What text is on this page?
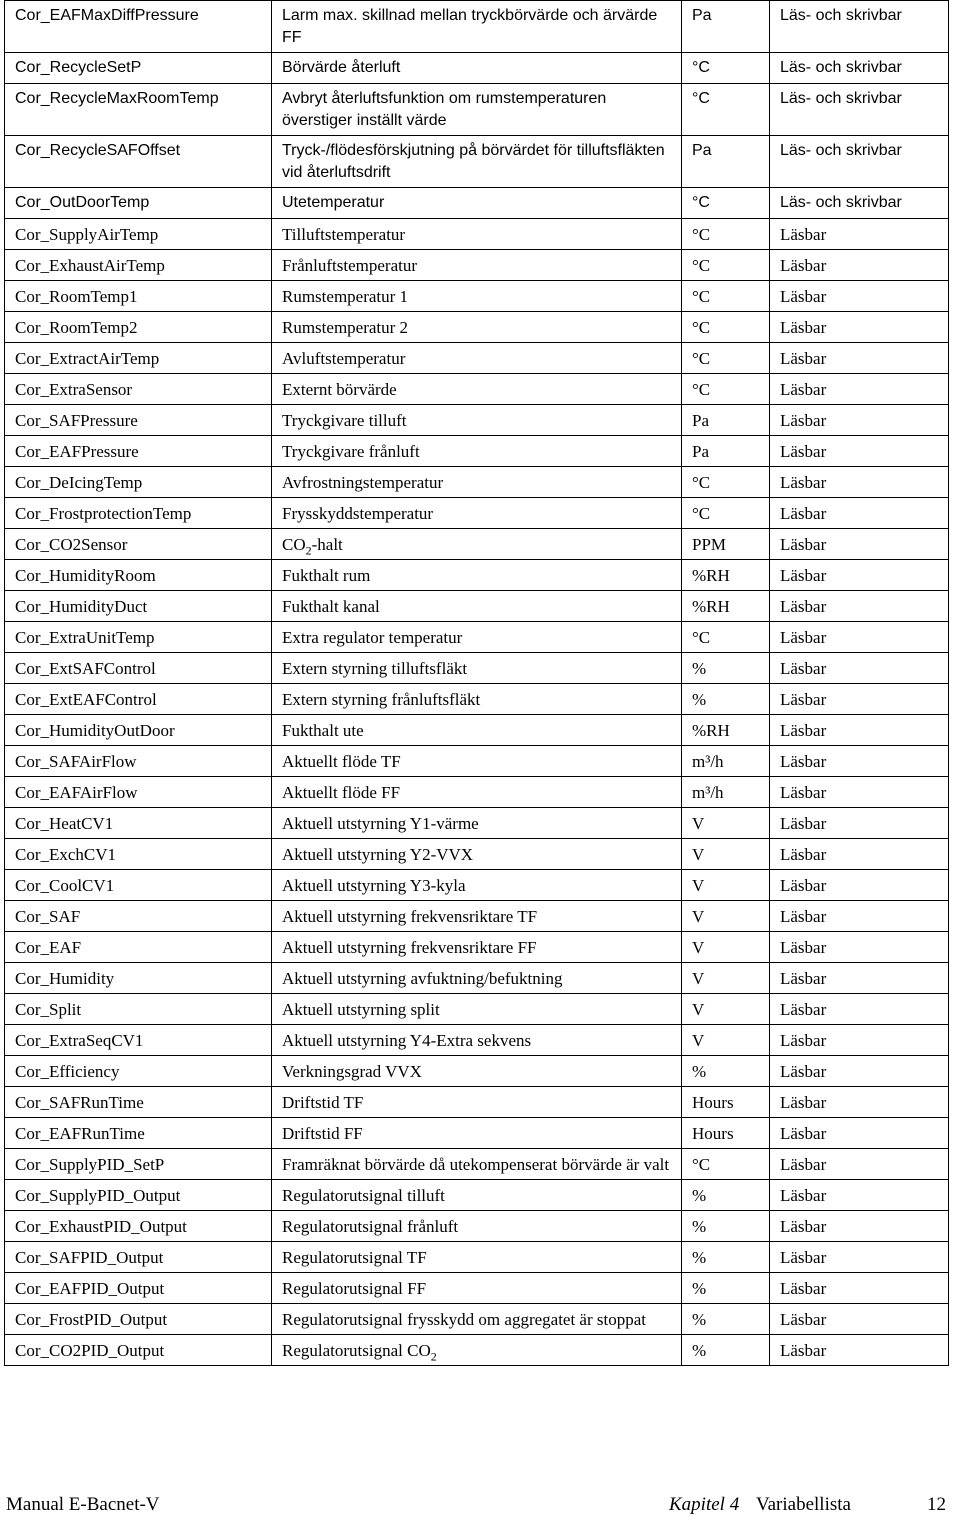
Cor_EAFMaxDiffPressure	Larm max. skillnad mellan tryckbörvärde och ärvärde FF	Pa	Läs- och skrivbar
Cor_RecycleSetP	Börvärde återluft	°C	Läs- och skrivbar
Cor_RecycleMaxRoomTemp	Avbryt återluftsfunktion om rumstemperaturen överstiger inställt värde	°C	Läs- och skrivbar
Cor_RecycleSAFOffset	Tryck-/flödesförskjutning på börvärdet för tilluftsfläkten vid återluftsdrift	Pa	Läs- och skrivbar
Cor_OutDoorTemp	Utetemperatur	°C	Läs- och skrivbar
Cor_SupplyAirTemp	Tilluftstemperatur	°C	Läsbar
Cor_ExhaustAirTemp	Frånluftstemperatur	°C	Läsbar
Cor_RoomTemp1	Rumstemperatur 1	°C	Läsbar
Cor_RoomTemp2	Rumstemperatur 2	°C	Läsbar
Cor_ExtractAirTemp	Avluftstemperatur	°C	Läsbar
Cor_ExtraSensor	Externt börvärde	°C	Läsbar
Cor_SAFPressure	Tryckgivare tilluft	Pa	Läsbar
Cor_EAFPressure	Tryckgivare frånluft	Pa	Läsbar
Cor_DeIcingTemp	Avfrostningstemperatur	°C	Läsbar
Cor_FrostprotectionTemp	Frysskyddstemperatur	°C	Läsbar
Cor_CO2Sensor	$CO_2$-halt	PPM	Läsbar
Cor_HumidityRoom	Fukthalt rum	%RH	Läsbar
Cor_HumidityDuct	Fukthalt kanal	%RH	Läsbar
Cor_ExtraUnitTemp	Extra regulator temperatur	°C	Läsbar
Cor_ExtSAFControl	Extern styrning tilluftsfläkt	%	Läsbar
Cor_ExtEAFControl	Extern styrning frånluftsfläkt	%	Läsbar
Cor_HumidityOutDoor	Fukthalt ute	%RH	Läsbar
Cor_SAFAirFlow	Aktuellt flöde TF	m³/h	Läsbar
Cor_EAFAirFlow	Aktuellt flöde FF	m³/h	Läsbar
Cor_HeatCV1	Aktuell utstyrning Y1-värme	V	Läsbar
Cor_ExchCV1	Aktuell utstyrning Y2-VVX	V	Läsbar
Cor_CoolCV1	Aktuell utstyrning Y3-kyla	V	Läsbar
Cor_SAF	Aktuell utstyrning frekvensriktare TF	V	Läsbar
Cor_EAF	Aktuell utstyrning frekvensriktare FF	V	Läsbar
Cor_Humidity	Aktuell utstyrning avfuktning/befuktning	V	Läsbar
Cor_Split	Aktuell utstyrning split	V	Läsbar
Cor_ExtraSeqCV1	Aktuell utstyrning Y4-Extra sekvens	V	Läsbar
Cor_Efficiency	Verkningsgrad VVX	%	Läsbar
Cor_SAFRunTime	Driftstid TF	Hours	Läsbar
Cor_EAFRunTime	Driftstid FF	Hours	Läsbar
Cor_SupplyPID_SetP	Framräknat börvärde då utekompenserat börvärde är valt	°C	Läsbar
Cor_SupplyPID_Output	Regulatorutsignal tilluft	%	Läsbar
Cor_ExhaustPID_Output	Regulatorutsignal frånluft	%	Läsbar
Cor_SAFPID_Output	Regulatorutsignal TF	%	Läsbar
Cor_EAFPID_Output	Regulatorutsignal FF	%	Läsbar
Cor_FrostPID_Output	Regulatorutsignal frysskydd om aggregatet är stoppat	%	Läsbar
Cor_CO2PID_Output	Regulatorutsignal $CO_2$	%	Läsbar
Manual E-Bacnet-V	Kapitel 4 Variabellista	12
